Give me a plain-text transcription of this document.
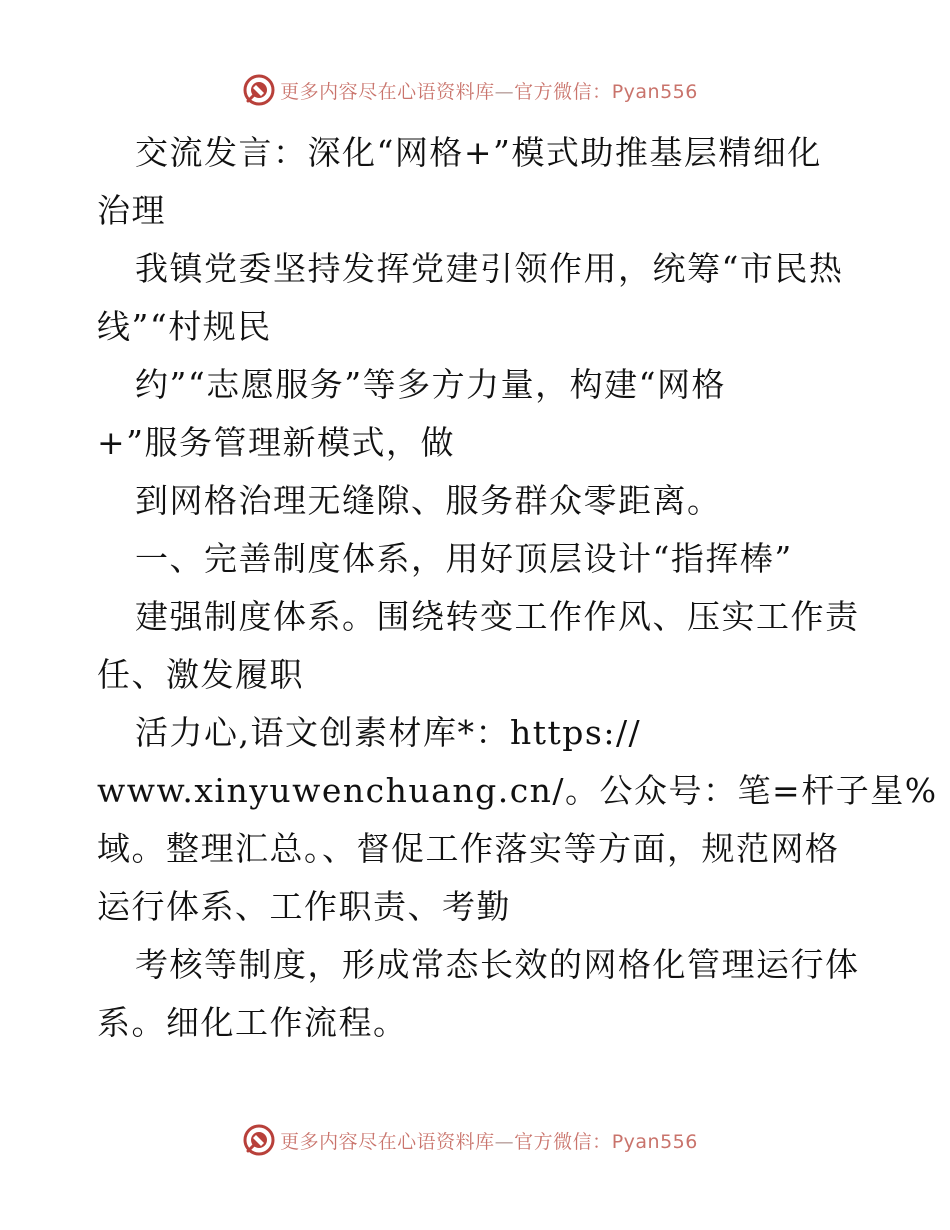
更多内容尽在心语资料库—官方微信：Pyan556
交流发言：深化“网格+”模式助推基层精细化
治理
我镇党委坚持发挥党建引领作用，统筹“市民热
线”“村规民
约”“志愿服务”等多方力量，构建“网格
+”服务管理新模式，做
到网格治理无缝隙、服务群众零距离。
一、完善制度体系，用好顶层设计“指挥棒”
建强制度体系。围绕转变工作作风、压实工作责
任、激发履职
活力心,语文创素材库*：https://
www.xinyuwenchuang.cn/。公众号：笔=杆子星%
域。整理汇总。、督促工作落实等方面，规范网格
运行体系、工作职责、考勤
考核等制度，形成常态长效的网格化管理运行体
系。细化工作流程。
更多内容尽在心语资料库—官方微信：Pyan556
